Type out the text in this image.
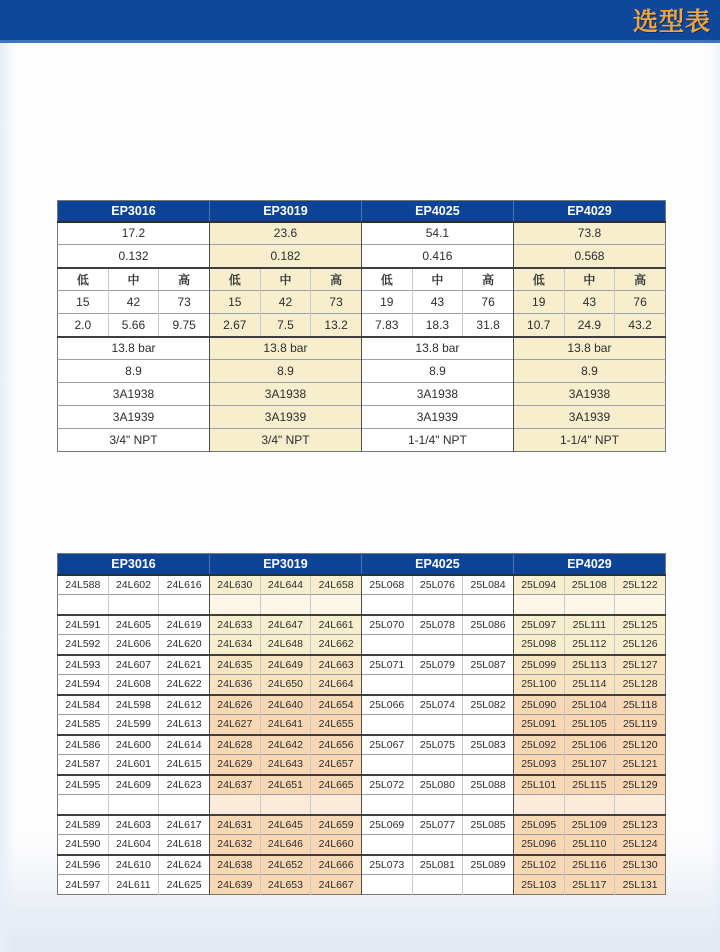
选型表
EP3016			EP3019			EP4025			EP4029		
17.2			23.6			54.1			73.8		
0.132			0.182			0.416			0.568		
低	中	高	低	中	高	低	中	高	低	中	高
15	42	73	15	42	73	19	43	76	19	43	76
2.0	5.66	9.75	2.67	7.5	13.2	7.83	18.3	31.8	10.7	24.9	43.2
13.8 bar			13.8 bar			13.8 bar			13.8 bar		
8.9			8.9			8.9			8.9		
3A1938			3A1938			3A1938			3A1938		
3A1939			3A1939			3A1939			3A1939		
3/4" NPT			3/4" NPT			1-1/4" NPT			1-1/4" NPT		
EP3016			EP3019			EP4025			EP4029		
24L588	24L602	24L616	24L630	24L644	24L658	25L068	25L076	25L084	25L094	25L108	25L122

24L591	24L605	24L619	24L633	24L647	24L661	25L070	25L078	25L086	25L097	25L111	25L125
24L592	24L606	24L620	24L634	24L648	24L662				25L098	25L112	25L126
24L593	24L607	24L621	24L635	24L649	24L663	25L071	25L079	25L087	25L099	25L113	25L127
24L594	24L608	24L622	24L636	24L650	24L664				25L100	25L114	25L128
24L584	24L598	24L612	24L626	24L640	24L654	25L066	25L074	25L082	25L090	25L104	25L118
24L585	24L599	24L613	24L627	24L641	24L655				25L091	25L105	25L119
24L586	24L600	24L614	24L628	24L642	24L656	25L067	25L075	25L083	25L092	25L106	25L120
24L587	24L601	24L615	24L629	24L643	24L657				25L093	25L107	25L121
24L595	24L609	24L623	24L637	24L651	24L665	25L072	25L080	25L088	25L101	25L115	25L129

24L589	24L603	24L617	24L631	24L645	24L659	25L069	25L077	25L085	25L095	25L109	25L123
24L590	24L604	24L618	24L632	24L646	24L660				25L096	25L110	25L124
24L596	24L610	24L624	24L638	24L652	24L666	25L073	25L081	25L089	25L102	25L116	25L130
24L597	24L611	24L625	24L639	24L653	24L667				25L103	25L117	25L131
